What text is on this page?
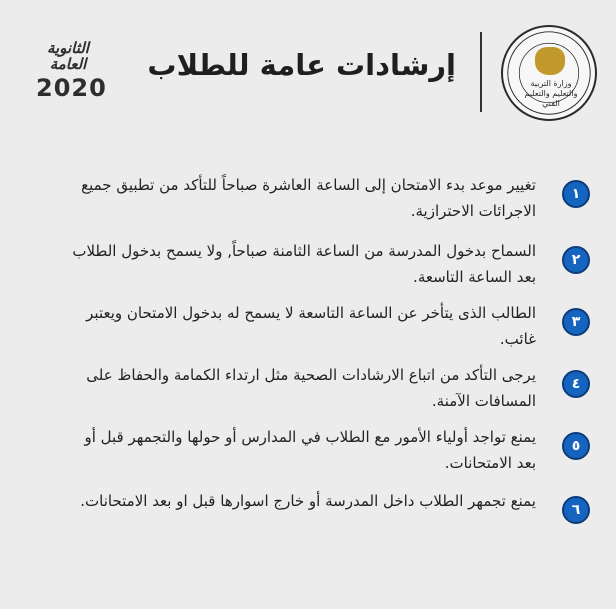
وزارة التربية والتعليم والتعليم الفني
إرشادات عامة للطلاب
الثانوية
العامة
2020
١
تغيير موعد بدء الامتحان إلى الساعة العاشرة صباحاً للتأكد من تطبيق جميع الاجرائات الاحترازية.
٢
السماح بدخول المدرسة من الساعة الثامنة صباحاً, ولا يسمح بدخول الطلاب بعد الساعة التاسعة.
٣
الطالب الذى يتأخر عن الساعة التاسعة لا يسمح له بدخول الامتحان ويعتبر غائب.
٤
يرجى التأكد من اتباع الارشادات الصحية مثل ارتداء الكمامة والحفاظ على المسافات الآمنة.
٥
يمنع تواجد أولياء الأمور مع الطلاب في المدارس أو حولها والتجمهر قبل أو بعد الامتحانات.
٦
يمنع تجمهر الطلاب داخل المدرسة أو خارج اسوارها قبل او بعد الامتحانات.
